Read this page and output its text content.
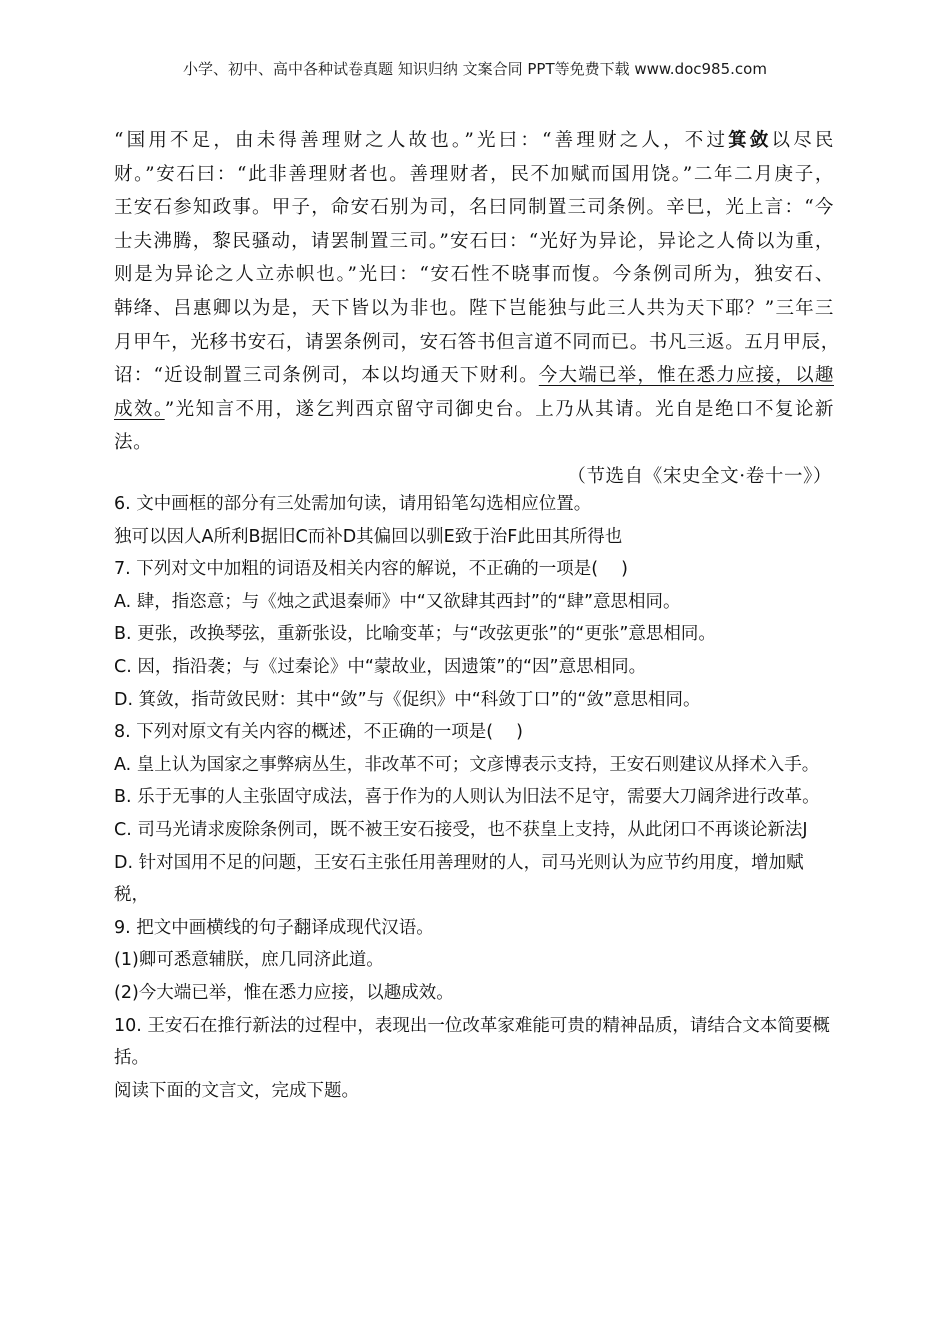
小学、初中、高中各种试卷真题 知识归纳 文案合同 PPT等免费下载 www.doc985.com
“国用不足，由未得善理财之人故也。”光曰：“善理财之人，不过箕敛以尽民
财。”安石曰：“此非善理财者也。善理财者，民不加赋而国用饶。”二年二月庚子，
王安石参知政事。甲子，命安石别为司，名曰同制置三司条例。辛巳，光上言：“今
士夫沸腾，黎民骚动，请罢制置三司。”安石曰：“光好为异论，异论之人倚以为重，
则是为异论之人立赤帜也。”光曰：“安石性不晓事而愎。今条例司所为，独安石、
韩绛、吕惠卿以为是，天下皆以为非也。陛下岂能独与此三人共为天下耶？”三年三
月甲午，光移书安石，请罢条例司，安石答书但言道不同而已。书凡三返。五月甲辰，
诏：“近设制置三司条例司，本以均通天下财利。今大端已举，惟在悉力应接，以趣
成效。”光知言不用，遂乞判西京留守司御史台。上乃从其请。光自是绝口不复论新
法。
（节选自《宋史全文·卷十一》）
6. 文中画框的部分有三处需加句读，请用铅笔勾选相应位置。
独可以因人A所利B据旧C而补D其偏回以驯E致于治F此田其所得也
7. 下列对文中加粗的词语及相关内容的解说，不正确的一项是(　 )
A. 肆，指恣意；与《烛之武退秦师》中“又欲肆其西封”的“肆”意思相同。
B. 更张，改换琴弦，重新张设，比喻变革；与“改弦更张”的“更张”意思相同。
C. 因，指沿袭；与《过秦论》中“蒙故业，因遗策”的“因”意思相同。
D. 箕敛，指苛敛民财：其中“敛”与《促织》中“科敛丁口”的“敛”意思相同。
8. 下列对原文有关内容的概述，不正确的一项是(　 )
A. 皇上认为国家之事弊病丛生，非改革不可；文彦博表示支持，王安石则建议从择术入手。
B. 乐于无事的人主张固守成法，喜于作为的人则认为旧法不足守，需要大刀阔斧进行改革。
C. 司马光请求废除条例司，既不被王安石接受，也不获皇上支持，从此闭口不再谈论新法J
D. 针对国用不足的问题，王安石主张任用善理财的人，司马光则认为应节约用度，增加赋税，
9. 把文中画横线的句子翻译成现代汉语。
(1)卿可悉意辅朕，庶几同济此道。
(2)今大端已举，惟在悉力应接，以趣成效。
10. 王安石在推行新法的过程中，表现出一位改革家难能可贵的精神品质，请结合文本简要概括。
阅读下面的文言文，完成下题。
